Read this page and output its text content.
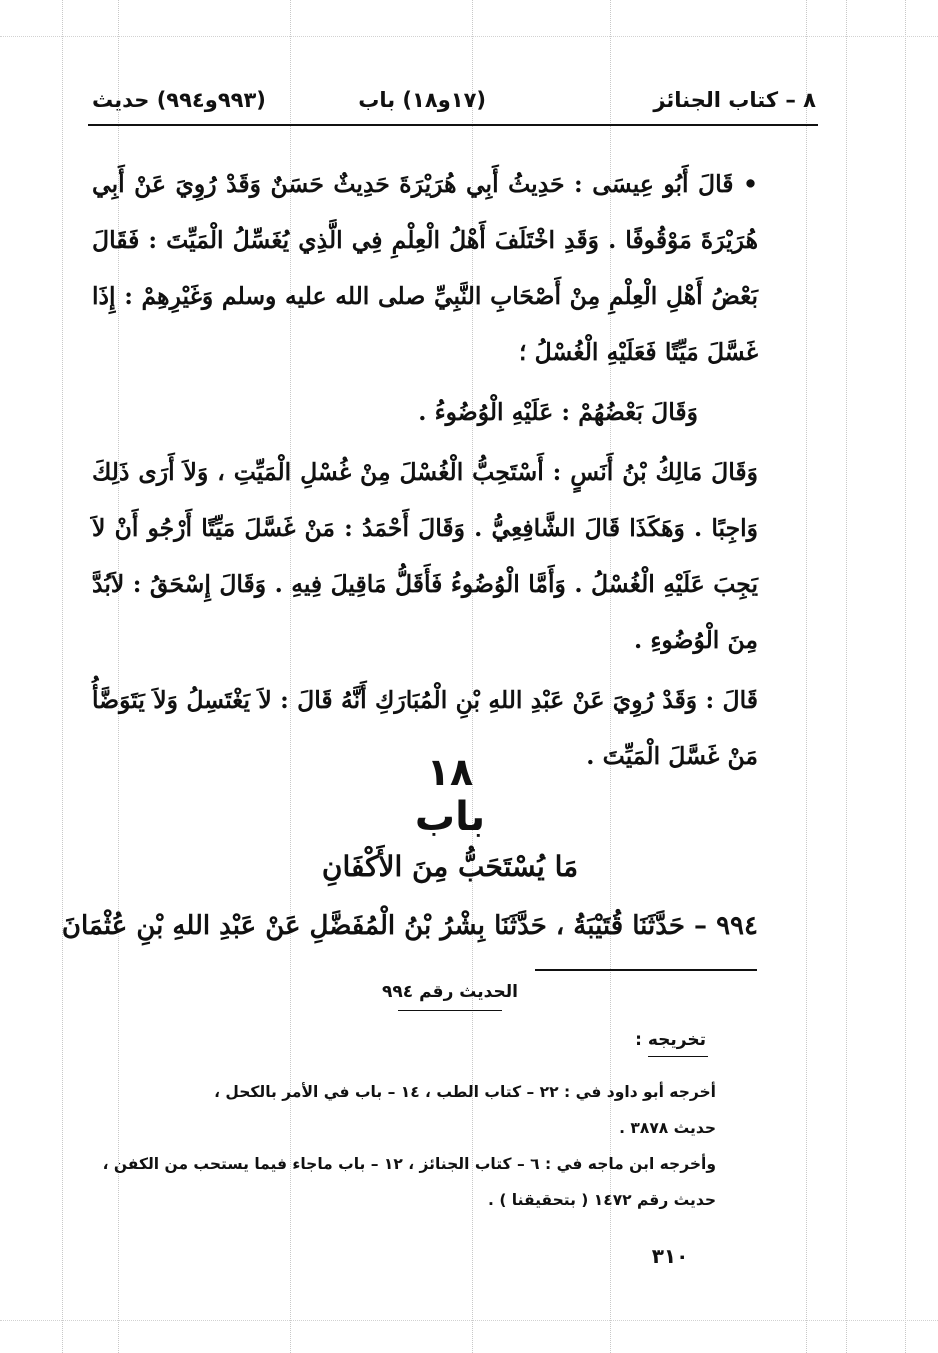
٨ – كتاب الجنائز
(١٧و١٨) باب
(٩٩٣و٩٩٤) حديث

• قَالَ أَبُو عِيسَى : حَدِيثُ أَبِي هُرَيْرَةَ حَدِيثٌ حَسَنٌ وَقَدْ رُوِيَ عَنْ أَبِي هُرَيْرَةَ مَوْقُوفًا . وَقَدِ اخْتَلَفَ أَهْلُ الْعِلْمِ فِي الَّذِي يُغَسِّلُ الْمَيِّتَ : فَقَالَ بَعْضُ أَهْلِ الْعِلْمِ مِنْ أَصْحَابِ النَّبِيِّ صلى الله عليه وسلم وَغَيْرِهِمْ : إِذَا غَسَّلَ مَيِّتًا فَعَلَيْهِ الْغُسْلُ ؛

وَقَالَ بَعْضُهُمْ : عَلَيْهِ الْوُضُوءُ .

وَقَالَ مَالِكُ بْنُ أَنَسٍ : أَسْتَحِبُّ الْغُسْلَ مِنْ غُسْلِ الْمَيِّتِ ، وَلاَ أَرَى ذَلِكَ وَاجِبًا . وَهَكَذَا قَالَ الشَّافِعِيُّ . وَقَالَ أَحْمَدُ : مَنْ غَسَّلَ مَيِّتًا أَرْجُو أَنْ لاَ يَجِبَ عَلَيْهِ الْغُسْلُ . وَأَمَّا الْوُضُوءُ فَأَقَلُّ مَاقِيلَ فِيهِ . وَقَالَ إِسْحَقُ : لاَبُدَّ مِنَ الْوُضُوءِ .

قَالَ : وَقَدْ رُوِيَ عَنْ عَبْدِ اللهِ بْنِ الْمُبَارَكِ أَنَّهُ قَالَ : لاَ يَغْتَسِلُ وَلاَ يَتَوَضَّأُ مَنْ غَسَّلَ الْمَيِّتَ .

١٨
باب
مَا يُسْتَحَبُّ مِنَ الأَكْفَانِ
٩٩٤ – حَدَّثَنَا قُتَيْبَةُ ، حَدَّثَنَا بِشْرُ بْنُ الْمُفَضَّلِ عَنْ عَبْدِ اللهِ بْنِ عُثْمَانَ
الحديث رقم ٩٩٤
تخريجه :

أخرجه أبو داود في : ٢٢ – كتاب الطب ، ١٤ – باب في الأمر بالكحل ،

حديث ٣٨٧٨ .

وأخرجه ابن ماجه في : ٦ – كتاب الجنائز ، ١٢ – باب ماجاء فيما يستحب من الكفن ،

حديث رقم ١٤٧٢ ( بتحقيقنا ) .

٣١٠
